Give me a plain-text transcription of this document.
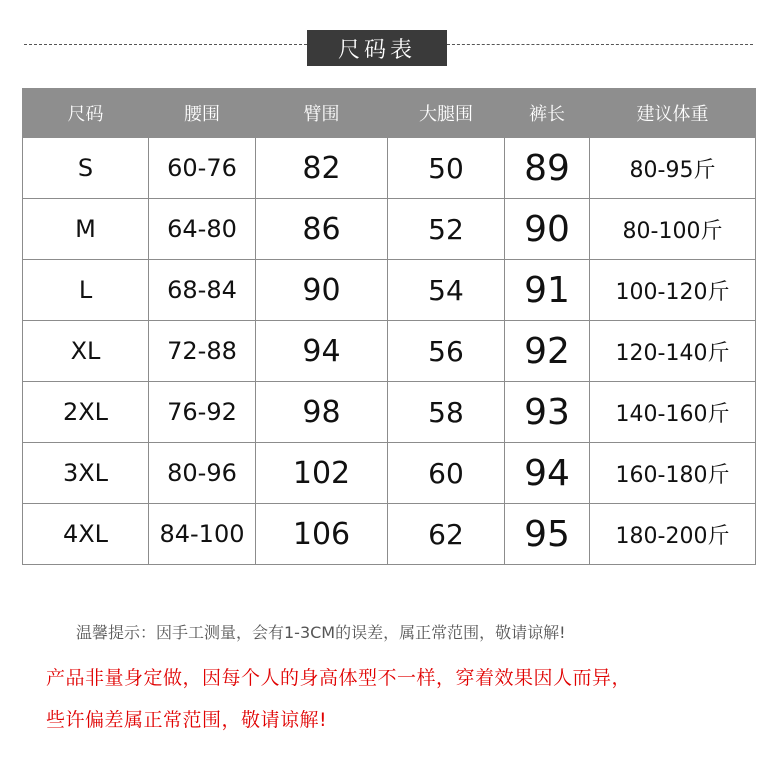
尺码表
尺码	腰围	臂围	大腿围	裤长	建议体重
S	60-76	82	50	89	80-95斤
M	64-80	86	52	90	80-100斤
L	68-84	90	54	91	100-120斤
XL	72-88	94	56	92	120-140斤
2XL	76-92	98	58	93	140-160斤
3XL	80-96	102	60	94	160-180斤
4XL	84-100	106	62	95	180-200斤
温馨提示：因手工测量，会有1-3CM的误差，属正常范围，敬请谅解!
产品非量身定做，因每个人的身高体型不一样，穿着效果因人而异，
些许偏差属正常范围，敬请谅解!
